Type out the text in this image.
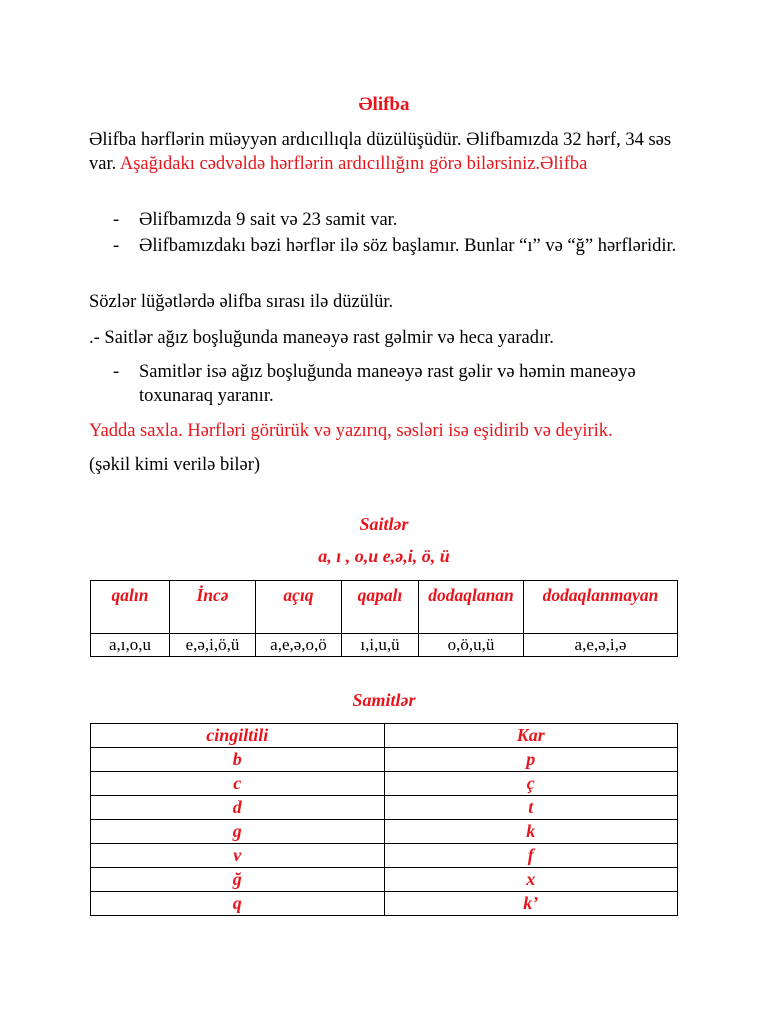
Əlifba
Əlifba hərflərin müəyyən ardıcıllıqla düzülüşüdür. Əlifbamızda 32 hərf, 34 səs var. Aşağıdakı cədvəldə hərflərin ardıcıllığını görə bilərsiniz.Əlifba
- Əlifbamızda 9 sait və 23 samit var.
- Əlifbamızdakı bəzi hərflər ilə söz başlamır. Bunlar “ı” və “ğ” hərfləridir.
Sözlər lüğətlərdə əlifba sırası ilə düzülür.
.- Saitlər ağız boşluğunda maneəyə rast gəlmir və heca yaradır.
- Samitlər isə ağız boşluğunda maneəyə rast gəlir və həmin maneəyə toxunaraq yaranır.
Yadda saxla. Hərfləri görürük və yazırıq, səsləri isə eşidirib və deyirik.
(şəkil kimi verilə bilər)
Saitlər
a, ı , o,u e,ə,i, ö, ü
qalın	İncə	açıq	qapalı	dodaqlanan	dodaqlanmayan
a,ı,o,u	e,ə,i,ö,ü	a,e,ə,o,ö	ı,i,u,ü	o,ö,u,ü	a,e,ə,i,ə
Samitlər
cingiltili	Kar
b	p
c	ç
d	t
g	k
v	f
ğ	x
q	k’
